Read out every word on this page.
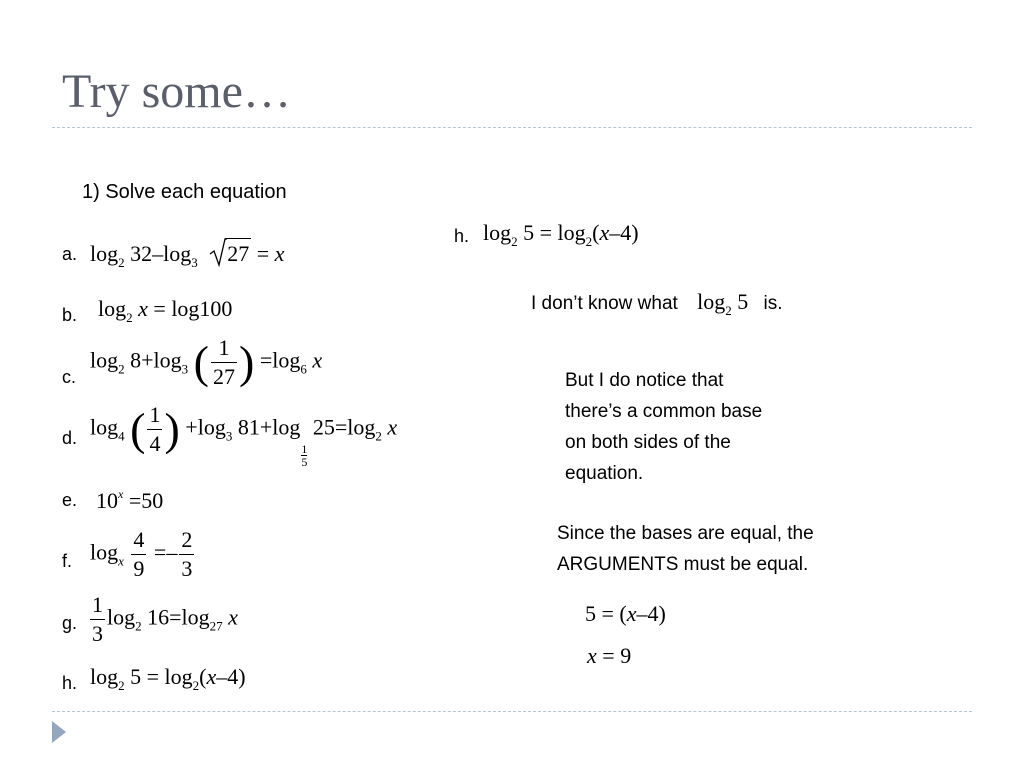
Try some…
1) Solve each equation
a. $\log_2 32-\log_3$ 27 = x
b. $\log_2 x = \log 100$
c.
$\log_2 8+\log_3$ ( $\frac{1}{27}$ ) $=\log_6$ x
d. $\log_4$ ( $\frac{1}{4}$ ) $+\log_3$ 81+log
$\frac{1}{5}$
$25=\log_2$ x
e. $10^x =50$
f. $\log_x \frac{4}{9} =- \frac{2}{3}$
g. $\frac{1}{3} \log_2 16=\log_{27}$ x
h. $\log_2 5 = \log_2(x-4)$
h. $\log_2 5 = \log_2(x-4)$
I don’t know what $\log_2 5$ is.
But I do notice that
there’s a common base
on both sides of the
equation.
Since the bases are equal, the
ARGUMENTS must be equal.
5 = (x–4)
x = 9
